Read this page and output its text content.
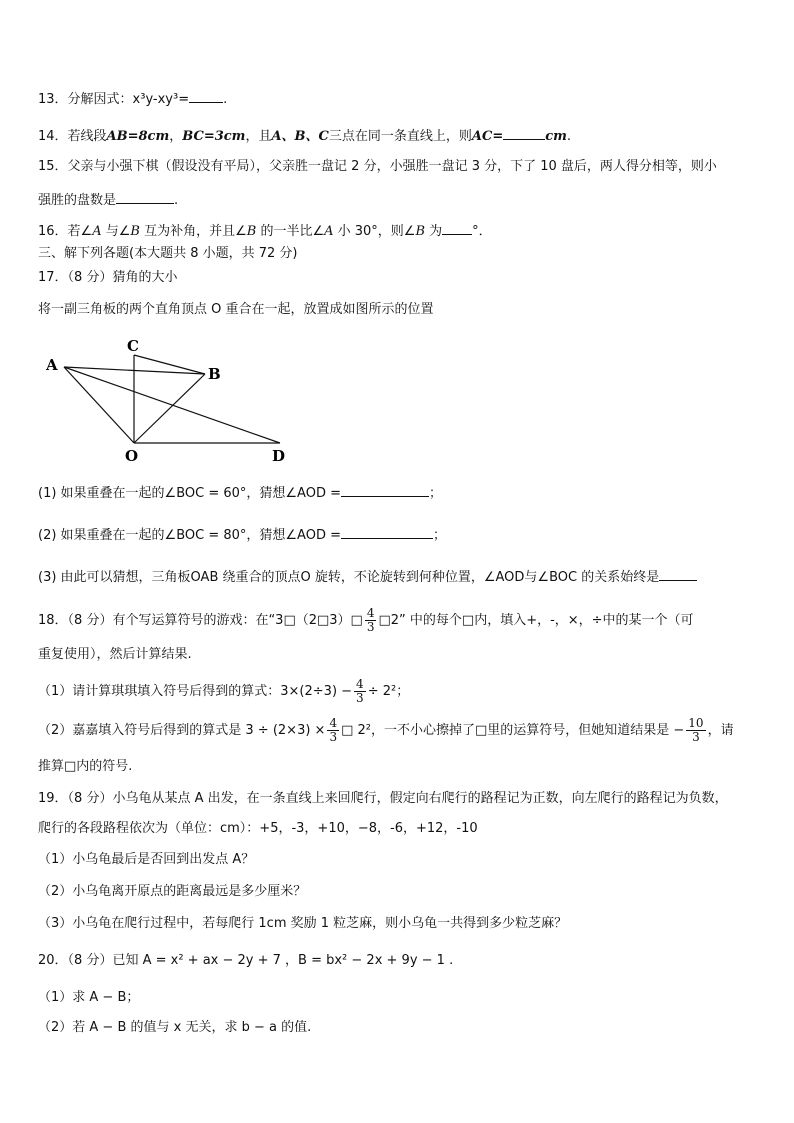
13．分解因式：x³y-xy³=	.
14．若线段AB=8cm，BC=3cm，且A、B、C三点在同一条直线上，则AC=	cm.
15．父亲与小强下棋（假设没有平局），父亲胜一盘记 2 分，小强胜一盘记 3 分，下了 10 盘后，两人得分相等，则小
强胜的盘数是	.
16．若∠A 与∠B 互为补角，并且∠B 的一半比∠A 小 30°，则∠B 为 °．
三、解下列各题(本大题共 8 小题，共 72 分)
17．（8 分）猜角的大小
将一副三角板的两个直角顶点 O 重合在一起，放置成如图所示的位置
A
C
B
O	D
(1) 如果重叠在一起的∠BOC = 60°，猜想∠AOD =	；
(2) 如果重叠在一起的∠BOC = 80°，猜想∠AOD =	；
(3) 由此可以猜想，三角板OAB 绕重合的顶点O 旋转，不论旋转到何种位置，∠AOD与∠BOC 的关系始终是
18．（8 分）有个写运算符号的游戏：在“3□（2□3）□ $\frac{4}{3}$ □2” 中的每个□内，填入+，-，×，÷中的某一个（可
重复使用），然后计算结果.
（1）请计算琪琪填入符号后得到的算式：$3\times(2\div 3) - \frac{4}{3} \div 2^2$；
（2）嘉嘉填入符号后得到的算式是 $3 \div (2\times 3) \times \frac{4}{3}$ □ 2²，一不小心擦掉了□里的运算符号，但她知道结果是 − $\frac{10}{3}$ ，请
推算□内的符号.
19．（8 分）小乌龟从某点 A 出发，在一条直线上来回爬行，假定向右爬行的路程记为正数，向左爬行的路程记为负数，
爬行的各段路程依次为（单位：cm）：+5，-3，+10，−8，-6，+12，-10
（1）小乌龟最后是否回到出发点 A？
（2）小乌龟离开原点的距离最远是多少厘米？
（3）小乌龟在爬行过程中，若每爬行 1cm 奖励 1 粒芝麻，则小乌龟一共得到多少粒芝麻？
20．（8 分）已知 A = x² + ax − 2y + 7 ，B = bx² − 2x + 9y − 1 .
（1）求 A − B；
（2）若 A − B 的值与 x 无关，求 b − a 的值.
